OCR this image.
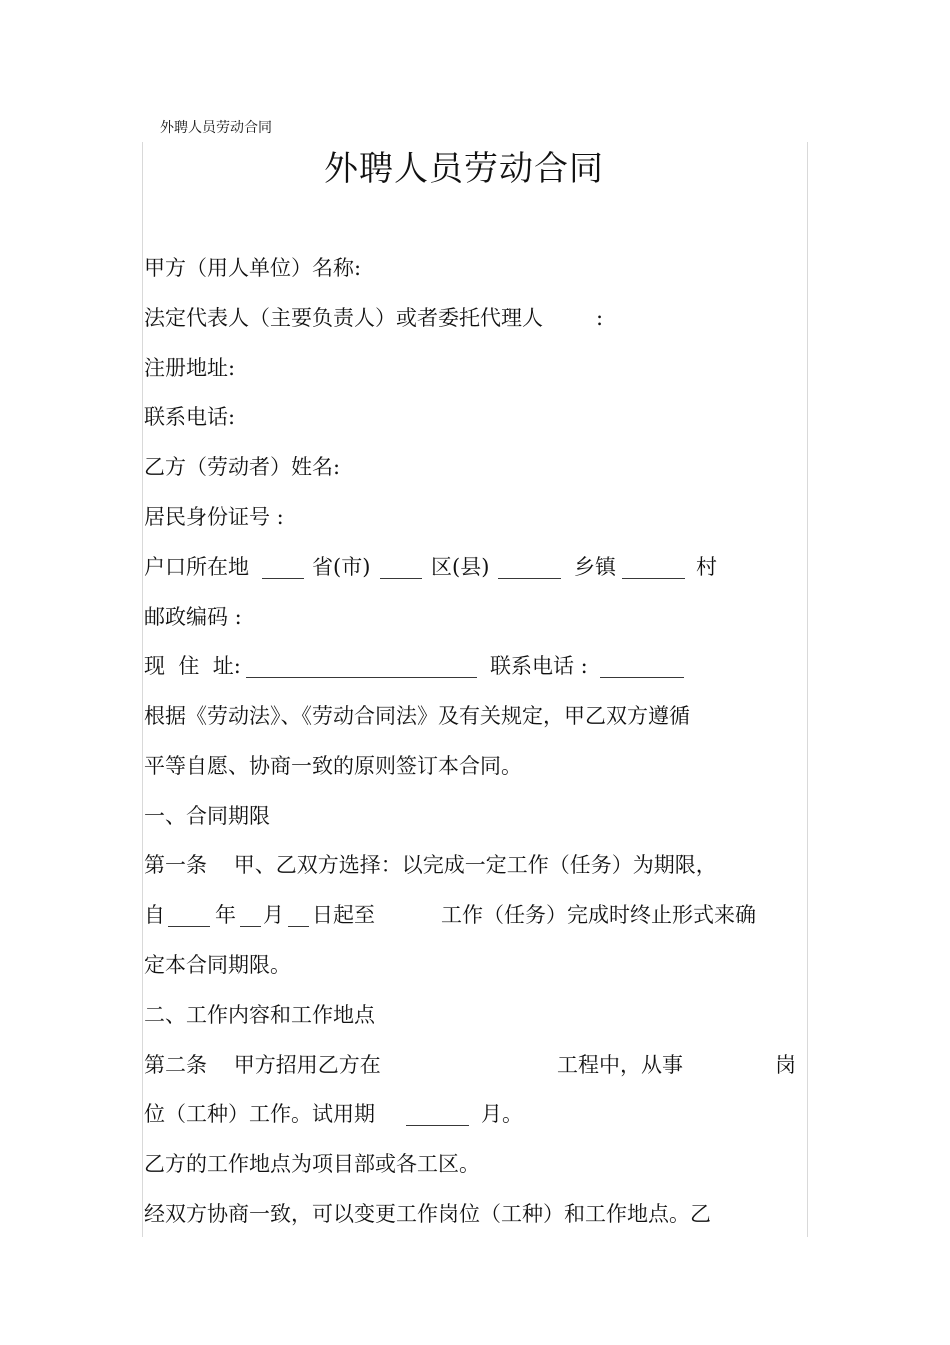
外聘人员劳动合同
外聘人员劳动合同
甲方（用人单位）名称:

法定代表人（主要负责人）或者委托代理人

	:

注册地址:
联系电话:
乙方（劳动者）姓名:
居民身份证号 :

户口所在地

____

省(市)

____

区(县)

______

乡镇

______

村

邮政编码 :

现  住  址:

______________________

联系电话 :

________

根据《劳动法》、《劳动合同法》及有关规定，甲乙双方遵循
平等自愿、协商一致的原则签订本合同。
一、合同期限
第一条    甲、乙双方选择：以完成一定工作（任务）为期限，

自

____

年

__

月

__

日起至

	工作（任务）完成时终止形式来确

定本合同期限。
二、工作内容和工作地点

第二条    甲方招用乙方在

	工程中，从事

	岗

位（工种）工作。试用期

______

月。

乙方的工作地点为项目部或各工区。
经双方协商一致，可以变更工作岗位（工种）和工作地点。乙
